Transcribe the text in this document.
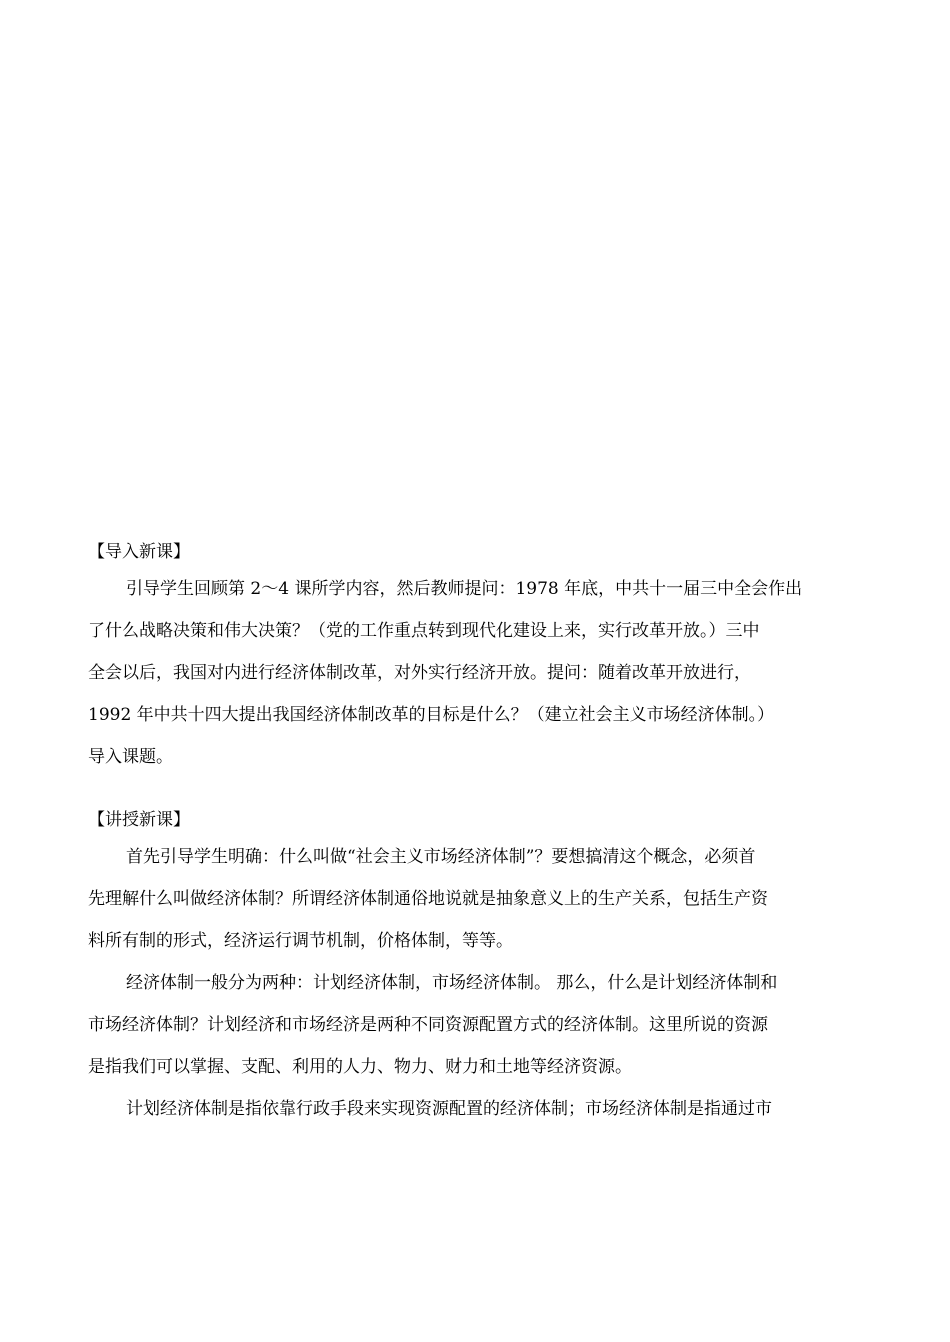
【导入新课】
引导学生回顾第 2～4 课所学内容，然后教师提问：1978 年底，中共十一届三中全会作出
了什么战略决策和伟大决策？（党的工作重点转到现代化建设上来，实行改革开放。）三中
全会以后，我国对内进行经济体制改革，对外实行经济开放。提问：随着改革开放进行，
1992 年中共十四大提出我国经济体制改革的目标是什么？（建立社会主义市场经济体制。）
导入课题。
【讲授新课】
首先引导学生明确：什么叫做“社会主义市场经济体制”？要想搞清这个概念，必须首
先理解什么叫做经济体制？所谓经济体制通俗地说就是抽象意义上的生产关系，包括生产资
料所有制的形式，经济运行调节机制，价格体制，等等。
经济体制一般分为两种：计划经济体制，市场经济体制。 那么，什么是计划经济体制和
市场经济体制？计划经济和市场经济是两种不同资源配置方式的经济体制。这里所说的资源
是指我们可以掌握、支配、利用的人力、物力、财力和土地等经济资源。
计划经济体制是指依靠行政手段来实现资源配置的经济体制；市场经济体制是指通过市
